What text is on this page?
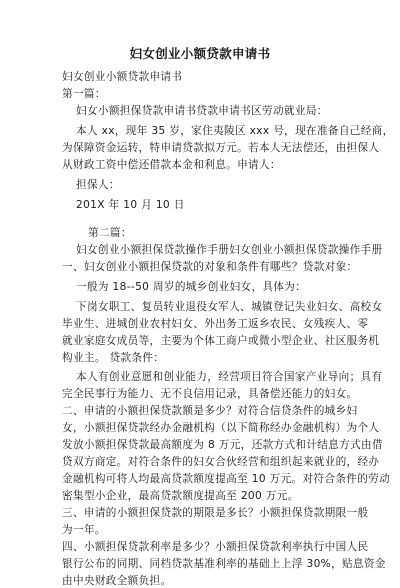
妇女创业小额贷款申请书
妇女创业小额贷款申请书
第一篇：
妇女小额担保贷款申请书贷款申请书区劳动就业局：
本人 xx，现年 35 岁，家住夷陵区 xxx 号，现在准备自己经商，
为保障资金运转，特申请贷款拟万元。若本人无法偿还，由担保人
从财政工资中偿还借款本金和利息。申请人：
担保人：
201X 年 10 月 10 日
第二篇：
妇女创业小额担保贷款操作手册妇女创业小额担保贷款操作手册
一、妇女创业小额担保贷款的对象和条件有哪些？贷款对象：
一般为 18--50 周岁的城乡创业妇女，具体为：
下岗女职工、复员转业退役女军人、城镇登记失业妇女、高校女
毕业生、进城创业农村妇女、外出务工返乡农民、女残疾人、零
就业家庭女成员等，主要为个体工商户或微小型企业、社区服务机
构业主。 贷款条件：
本人有创业意愿和创业能力，经营项目符合国家产业导向；具有
完全民事行为能力、无不良信用记录，具备偿还能力的妇女。
二、申请的小额担保贷款额是多少？对符合信贷条件的城乡妇
女，小额担保贷款经办金融机构（以下简称经办金融机构）为个人
发放小额担保贷款最高额度为 8 万元，还款方式和计结息方式由借
贷双方商定。对符合条件的妇女合伙经营和组织起来就业的，经办
金融机构可将人均最高贷款额度提高至 10 万元。对符合条件的劳动
密集型小企业，最高贷款额度提高至 200 万元。
三、申请的小额担保贷款的期限是多长？小额担保贷款期限一般
为一年。
四、小额担保贷款利率是多少？小额担保贷款利率执行中国人民
银行公布的同期、同档贷款基准利率的基础上上浮 30%，贴息资金
由中央财政全额负担。
